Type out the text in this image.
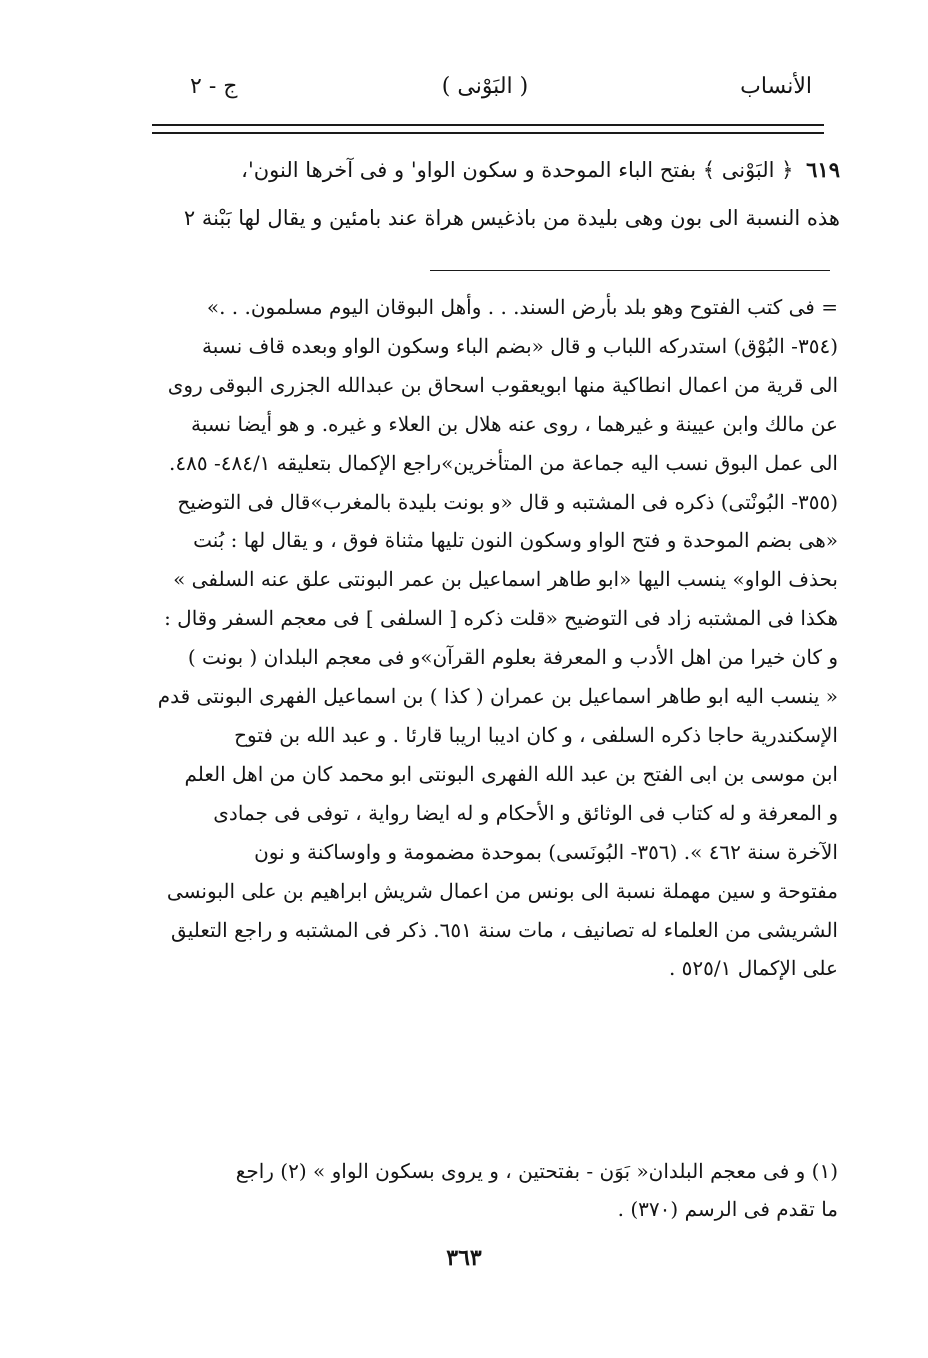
الأنساب
( البَوْنى )
ج - ٢

٦١٩ ﴿ البَوْنى ﴾ بفتح الباء الموحدة و سكون الواو' و فى آخرها النون'،

هذه النسبة الى بون وهى بليدة من باذغيس هراة عند بامئين و يقال لها بَبْنة ٢

= فى كتب الفتوح وهو بلد بأرض السند. . . وأهل البوقان اليوم مسلمون. . .»

(٣٥٤- البُوْق) استدركه اللباب و قال «بضم الباء وسكون الواو وبعده قاف نسبة

الى قرية من اعمال انطاكية منها ابويعقوب اسحاق بن عبدالله الجزرى البوقى روى

عن مالك وابن عيينة و غيرهما ، روى عنه هلال بن العلاء و غيره. و هو أيضا نسبة

الى عمل البوق نسب اليه جماعة من المتأخرين»راجع الإكمال بتعليقه ٤٨٤/١- ٤٨٥.

(٣٥٥- البُونْتى) ذكره فى المشتبه و قال «و بونت بليدة بالمغرب»قال فى التوضيح

«هى بضم الموحدة و فتح الواو وسكون النون تليها مثناة فوق ، و يقال لها : بُنت

بحذف الواو» ينسب اليها «ابو طاهر اسماعيل بن عمر البونتى علق عنه السلفى »

هكذا فى المشتبه زاد فى التوضيح «قلت ذكره [ السلفى ] فى معجم السفر وقال :

و كان خيرا من اهل الأدب و المعرفة بعلوم القرآن»و فى معجم البلدان ( بونت )

« ينسب اليه ابو طاهر اسماعيل بن عمران ( كذا ) بن اسماعيل الفهرى البونتى قدم

الإسكندرية حاجا ذكره السلفى ، و كان اديبا اريبا قارئا . و عبد الله بن فتوح

ابن موسى بن ابى الفتح بن عبد الله الفهرى البونتى ابو محمد كان من اهل العلم

و المعرفة و له كتاب فى الوثائق و الأحكام و له ايضا رواية ، توفى فى جمادى

الآخرة سنة ٤٦٢ ». (٣٥٦- البُونَسى) بموحدة مضمومة و واوساكنة و نون

مفتوحة و سين مهملة نسبة الى بونس من اعمال شريش ابراهيم بن على البونسى

الشريشى من العلماء له تصانيف ، مات سنة ٦٥١. ذكر فى المشتبه و راجع التعليق

على الإكمال ٥٢٥/١ .

(١) و فى معجم البلدان« بَوَن - بفتحتين ، و يروى بسكون الواو » (٢) راجع

ما تقدم فى الرسم (٣٧٠) .

٣٦٣
